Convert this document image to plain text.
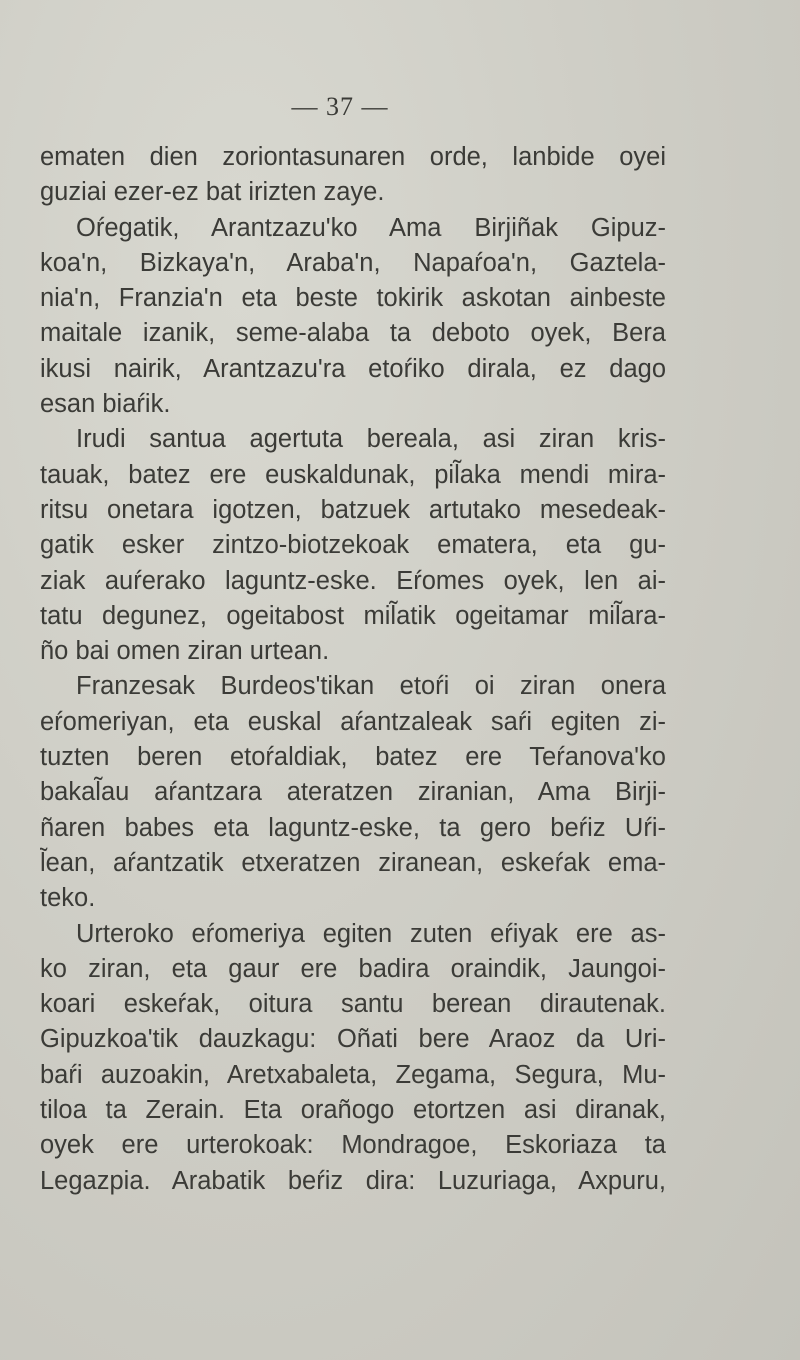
— 37 —
ematen dien zoriontasunaren orde, lanbide oyei
guziai ezer-ez bat irizten zaye.
Oŕegatik, Arantzazu'ko Ama Birjiñak Gipuz-
koa'n, Bizkaya'n, Araba'n, Napaŕoa'n, Gaztela-
nia'n, Franzia'n eta beste tokirik askotan ainbeste
maitale izanik, seme-alaba ta deboto oyek, Bera
ikusi nairik, Arantzazu'ra etoŕiko dirala, ez dago
esan biaŕik.
Irudi santua agertuta bereala, asi ziran kris-
tauak, batez ere euskaldunak, pil̃aka mendi mira-
ritsu onetara igotzen, batzuek artutako mesedeak-
gatik esker zintzo-biotzekoak ematera, eta gu-
ziak auŕerako laguntz-eske. Eŕomes oyek, len ai-
tatu degunez, ogeitabost mil̃atik ogeitamar mil̃ara-
ño bai omen ziran urtean.
Franzesak Burdeos'tikan etoŕi oi ziran onera
eŕomeriyan, eta euskal aŕantzaleak saŕi egiten zi-
tuzten beren etoŕaldiak, batez ere Teŕanova'ko
bakal̃au aŕantzara ateratzen ziranian, Ama Birji-
ñaren babes eta laguntz-eske, ta gero beŕiz Uŕi-
l̃ean, aŕantzatik etxeratzen ziranean, eskeŕak ema-
teko.
Urteroko eŕomeriya egiten zuten eŕiyak ere as-
ko ziran, eta gaur ere badira oraindik, Jaungoi-
koari eskeŕak, oitura santu berean dirautenak.
Gipuzkoa'tik dauzkagu: Oñati bere Araoz da Uri-
baŕi auzoakin, Aretxabaleta, Zegama, Segura, Mu-
tiloa ta Zerain. Eta orañogo etortzen asi diranak,
oyek ere urterokoak: Mondragoe, Eskoriaza ta
Legazpia. Arabatik beŕiz dira: Luzuriaga, Axpuru,
